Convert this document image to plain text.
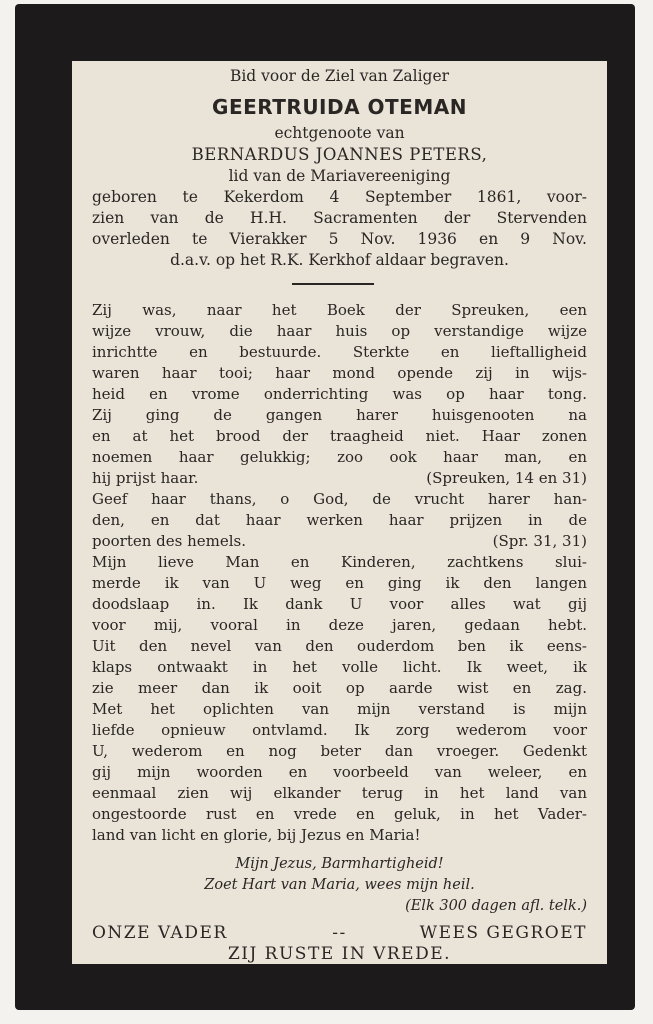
Bid voor de Ziel van Zaliger
GEERTRUIDA OTEMAN
echtgenoote van
BERNARDUS JOANNES PETERS,
lid van de Mariavereeniging
geboren te Kekerdom 4 September 1861, voor-
zien van de H.H. Sacramenten der Stervenden
overleden te Vierakker 5 Nov. 1936 en 9 Nov.
d.a.v. op het R.K. Kerkhof aldaar begraven.
Zij was, naar het Boek der Spreuken, een
wijze vrouw, die haar huis op verstandige wijze
inrichtte en bestuurde. Sterkte en lieftalligheid
waren haar tooi; haar mond opende zij in wijs-
heid en vrome onderrichting was op haar tong.
Zij ging de gangen harer huisgenooten na
en at het brood der traagheid niet. Haar zonen
noemen haar gelukkig; zoo ook haar man, en
hij prijst haar.	(Spreuken, 14 en 31)
Geef haar thans, o God, de vrucht harer han-
den, en dat haar werken haar prijzen in de
poorten des hemels.	(Spr. 31, 31)
Mijn lieve Man en Kinderen, zachtkens slui-
merde ik van U weg en ging ik den langen
doodslaap in. Ik dank U voor alles wat gij
voor mij, vooral in deze jaren, gedaan hebt.
Uit den nevel van den ouderdom ben ik eens-
klaps ontwaakt in het volle licht. Ik weet, ik
zie meer dan ik ooit op aarde wist en zag.
Met het oplichten van mijn verstand is mijn
liefde opnieuw ontvlamd. Ik zorg wederom voor
U, wederom en nog beter dan vroeger. Gedenkt
gij mijn woorden en voorbeeld van weleer, en
eenmaal zien wij elkander terug in het land van
ongestoorde rust en vrede en geluk, in het Vader-
land van licht en glorie, bij Jezus en Maria!
Mijn Jezus, Barmhartigheid!
Zoet Hart van Maria, wees mijn heil.
(Elk 300 dagen afl. telk.)
ONZE VADER	--	WEES GEGROET
ZIJ RUSTE IN VREDE.
